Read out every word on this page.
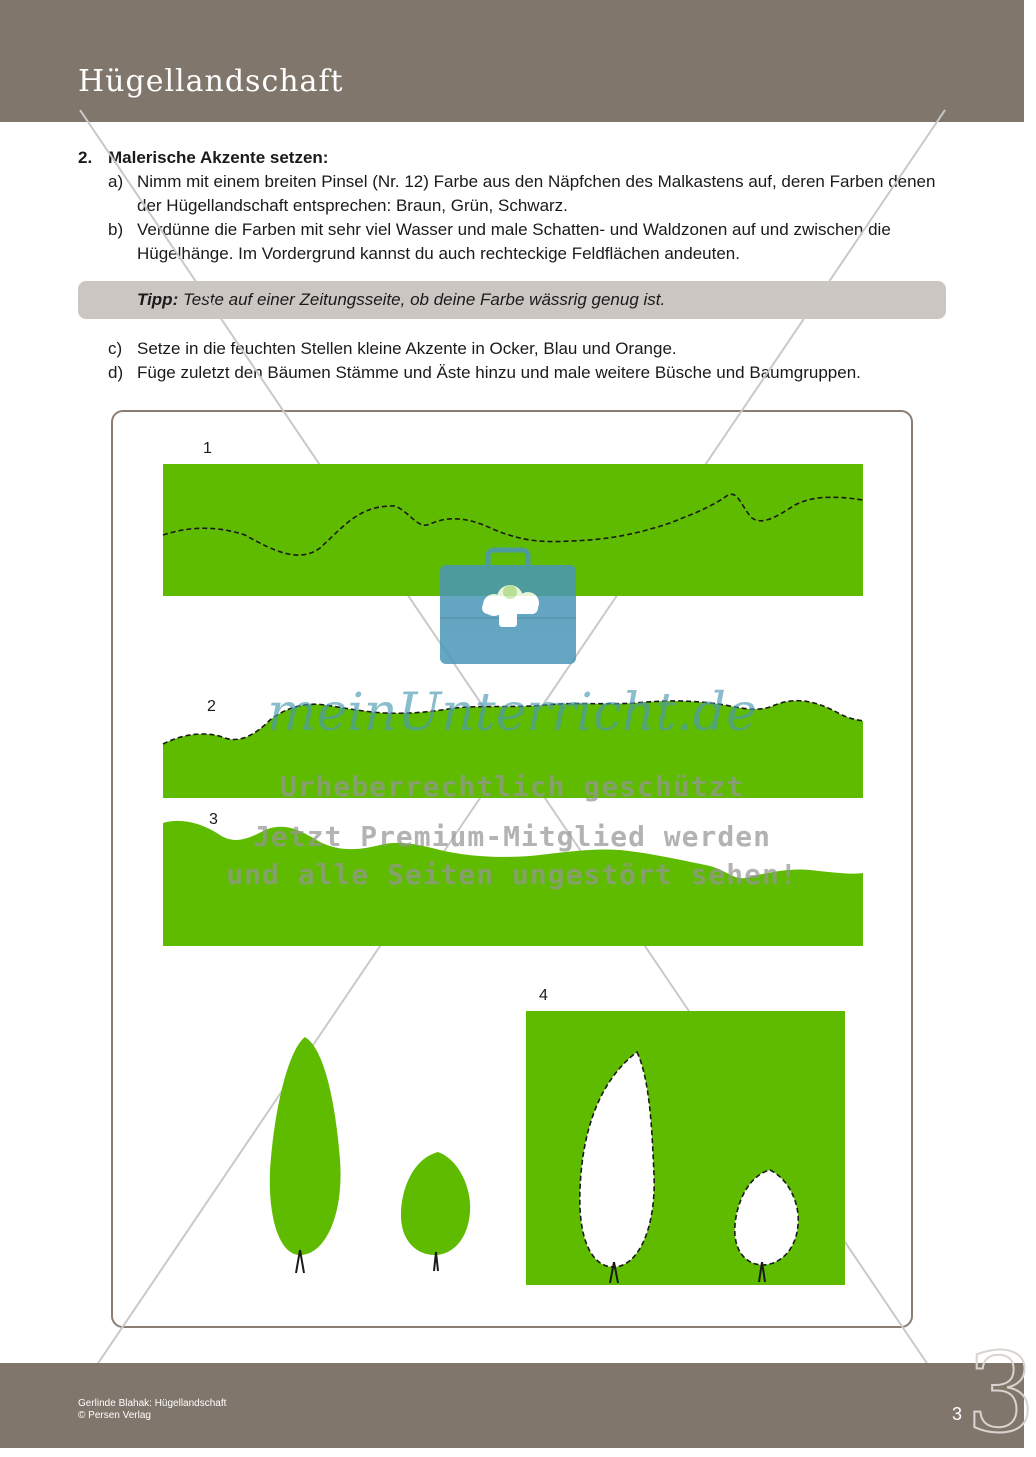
Hügellandschaft
2. Malerische Akzente setzen:
a) Nimm mit einem breiten Pinsel (Nr. 12) Farbe aus den Näpfchen des Malkastens auf, deren Farben denen der Hügellandschaft entsprechen: Braun, Grün, Schwarz.
b) Verdünne die Farben mit sehr viel Wasser und male Schatten- und Waldzonen auf und zwischen die Hügelhänge. Im Vordergrund kannst du auch rechteckige Feldflächen andeuten.
Tipp: Teste auf einer Zeitungsseite, ob deine Farbe wässrig genug ist.
c) Setze in die feuchten Stellen kleine Akzente in Ocker, Blau und Orange.
d) Füge zuletzt den Bäumen Stämme und Äste hinzu und male weitere Büsche und Baumgruppen.
1
2
3
4
meinUnterricht.de
Urheberrechtlich geschützt
Jetzt Premium-Mitglied werden
und alle Seiten ungestört sehen!
3
Gerlinde Blahak: Hügellandschaft
© Persen Verlag	3
